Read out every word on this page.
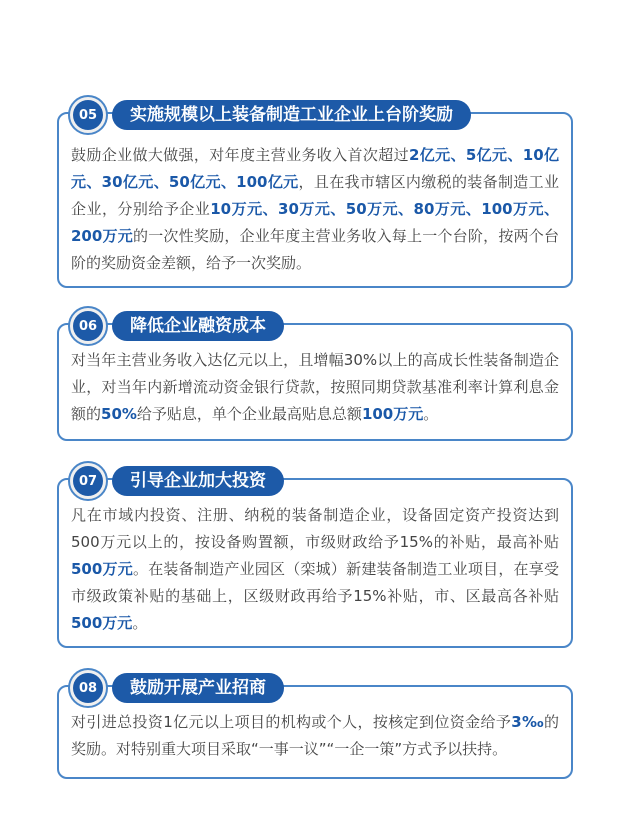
鼓励企业做大做强，对年度主营业务收入首次超过2亿元、5亿元、10亿元、30亿元、50亿元、100亿元，且在我市辖区内缴税的装备制造工业企业，分别给予企业10万元、30万元、50万元、80万元、100万元、200万元的一次性奖励，企业年度主营业务收入每上一个台阶，按两个台阶的奖励资金差额，给予一次奖励。
05	实施规模以上装备制造工业企业上台阶奖励
对当年主营业务收入达亿元以上，且增幅30%以上的高成长性装备制造企业，对当年内新增流动资金银行贷款，按照同期贷款基准利率计算利息金额的50%给予贴息，单个企业最高贴息总额100万元。
06	降低企业融资成本
凡在市域内投资、注册、纳税的装备制造企业，设备固定资产投资达到500万元以上的，按设备购置额，市级财政给予15%的补贴，最高补贴500万元。在装备制造产业园区（栾城）新建装备制造工业项目，在享受市级政策补贴的基础上，区级财政再给予15%补贴，市、区最高各补贴500万元。
07	引导企业加大投资
对引进总投资1亿元以上项目的机构或个人，按核定到位资金给予3‰的奖励。对特别重大项目采取“一事一议”“一企一策”方式予以扶持。
08	鼓励开展产业招商
